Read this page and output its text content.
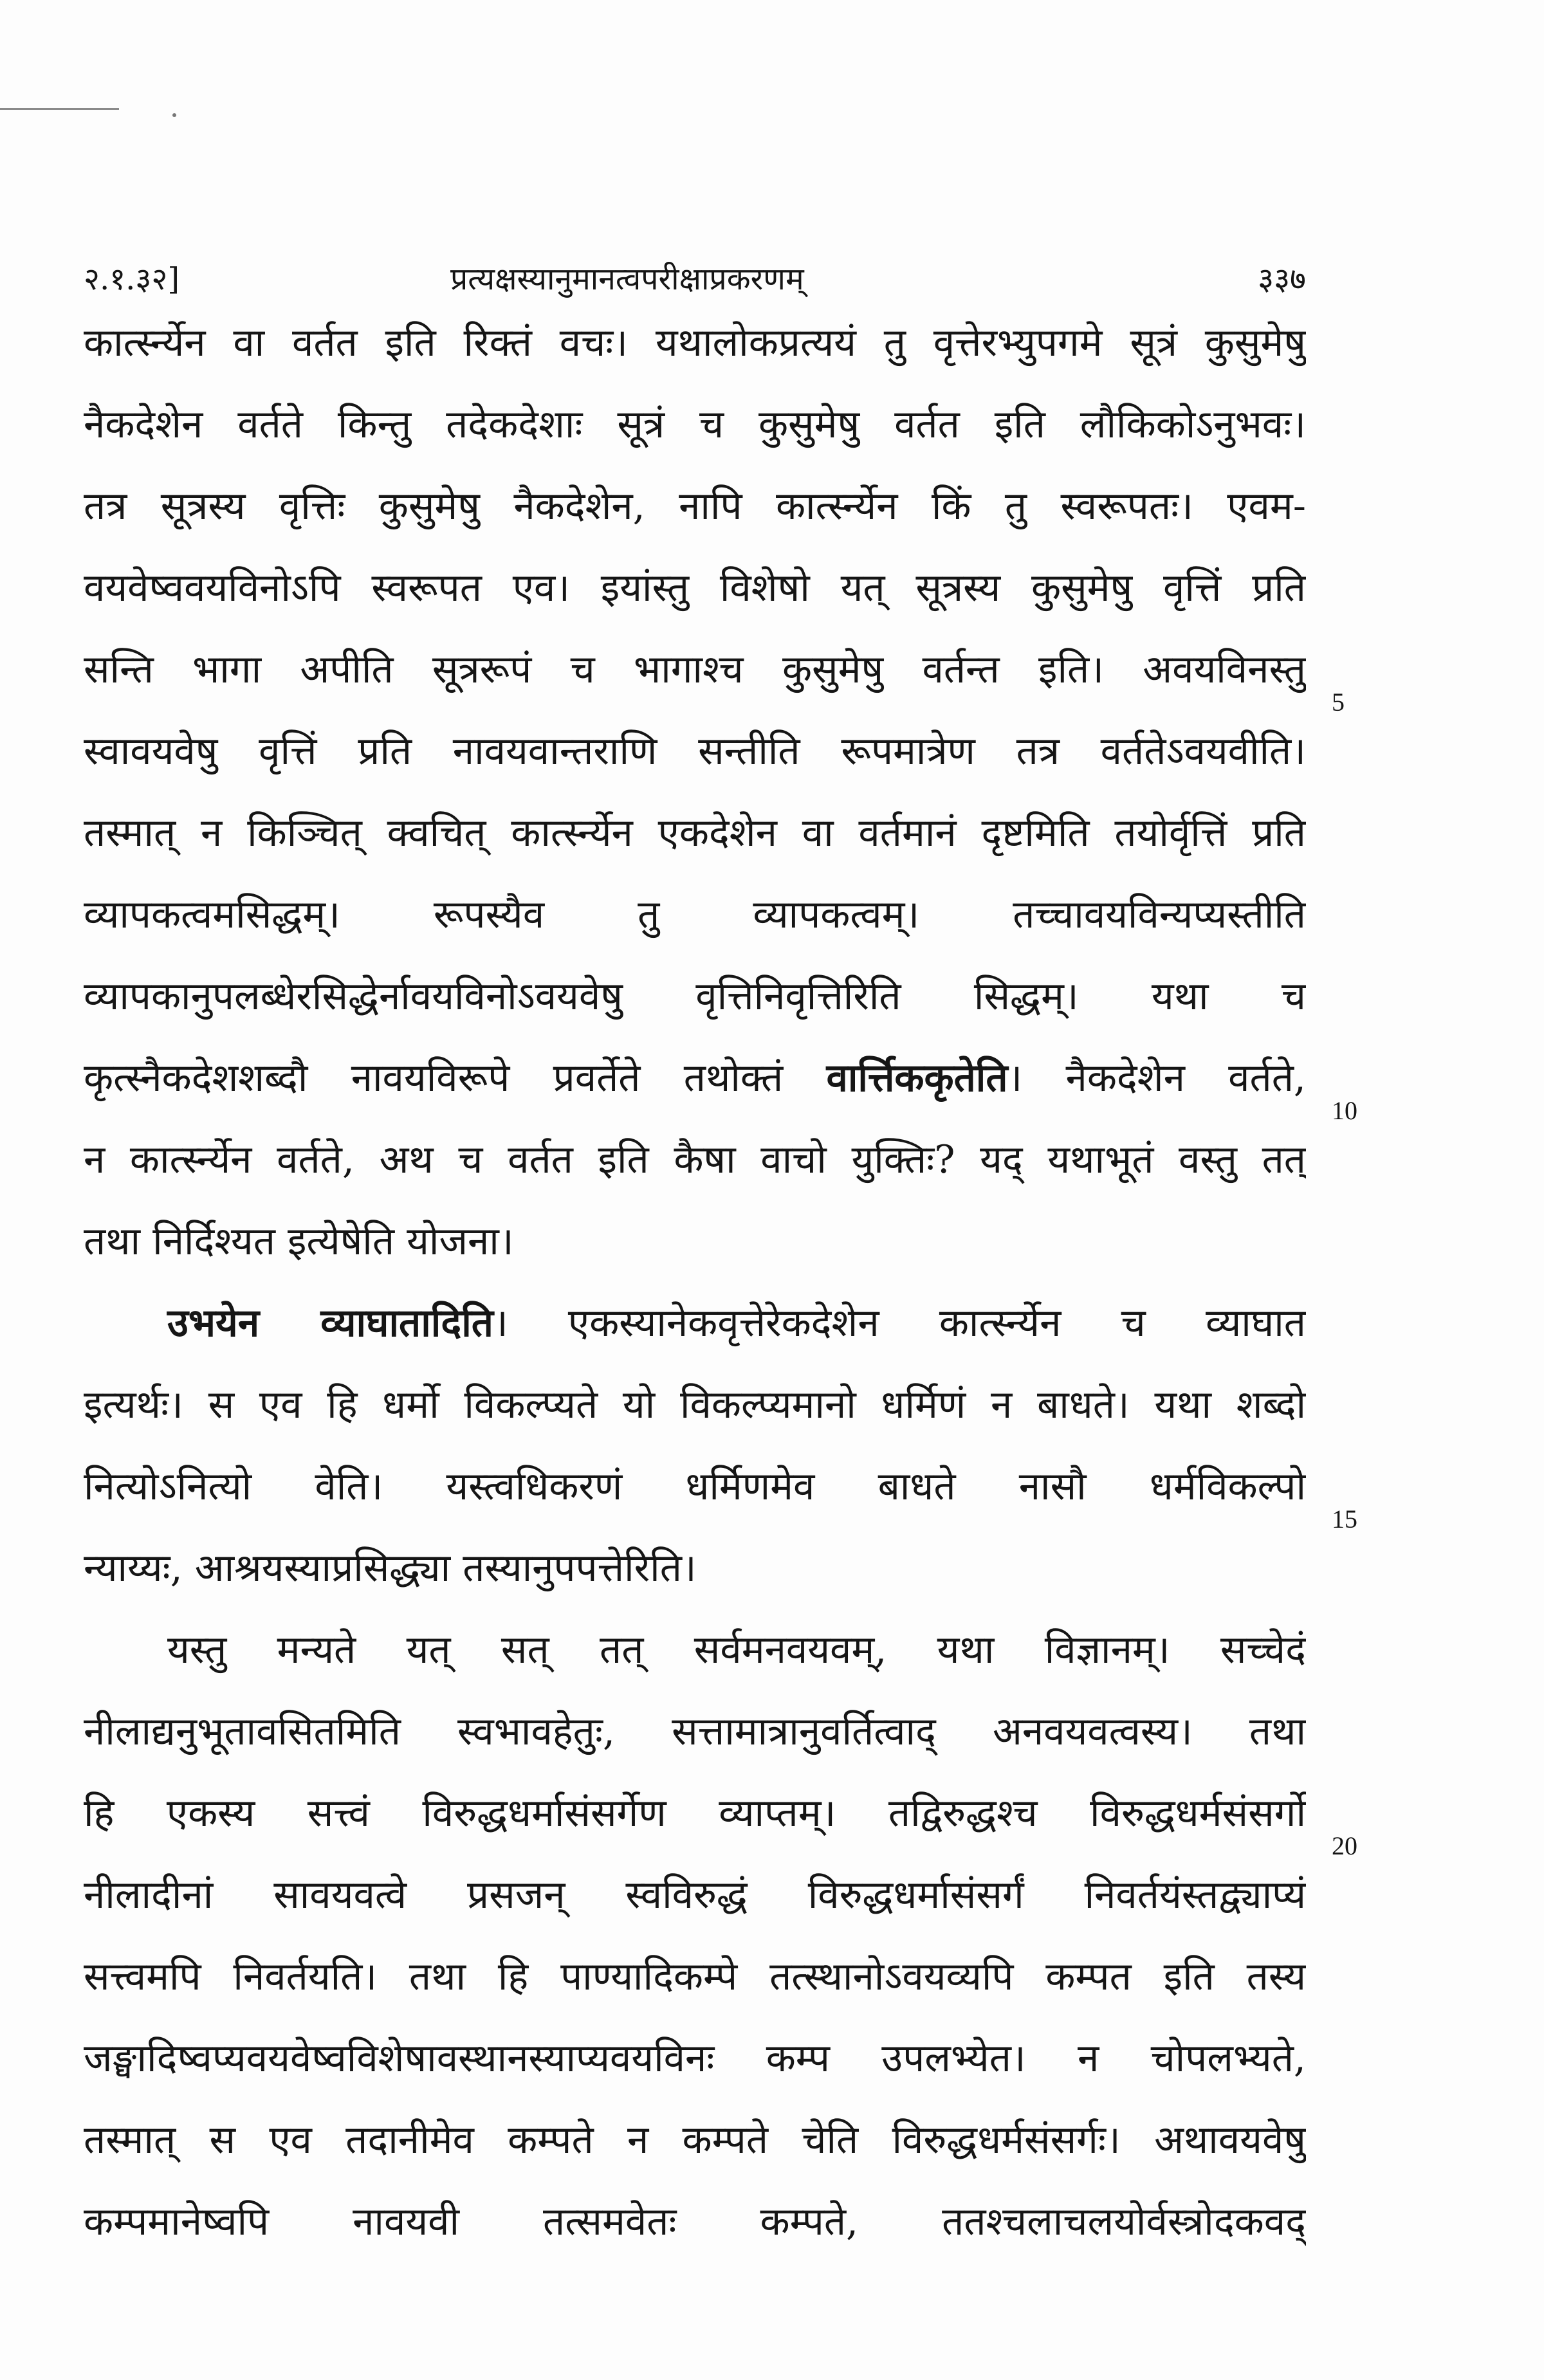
२.१.३२]	प्रत्यक्षस्यानुमानत्वपरीक्षाप्रकरणम्	३३७
कार्त्स्न्येन वा वर्तत इति रिक्तं वचः। यथालोकप्रत्ययं तु वृत्तेरभ्युपगमे सूत्रं कुसुमेषु
नैकदेशेन वर्तते किन्तु तदेकदेशाः सूत्रं च कुसुमेषु वर्तत इति लौकिकोऽनुभवः।
तत्र सूत्रस्य वृत्तिः कुसुमेषु नैकदेशेन, नापि कार्त्स्न्येन किं तु स्वरूपतः। एवम-
वयवेष्ववयविनोऽपि स्वरूपत एव। इयांस्तु विशेषो यत् सूत्रस्य कुसुमेषु वृत्तिं प्रति
सन्ति भागा अपीति सूत्ररूपं च भागाश्च कुसुमेषु वर्तन्त इति। अवयविनस्तु
स्वावयवेषु वृत्तिं प्रति नावयवान्तराणि सन्तीति रूपमात्रेण तत्र वर्ततेऽवयवीति।
तस्मात् न किञ्चित् क्वचित् कार्त्स्न्येन एकदेशेन वा वर्तमानं दृष्टमिति तयोर्वृत्तिं प्रति
व्यापकत्वमसिद्धम्। रूपस्यैव तु व्यापकत्वम्। तच्चावयविन्यप्यस्तीति
व्यापकानुपलब्धेरसिद्धेर्नावयविनोऽवयवेषु वृत्तिनिवृत्तिरिति सिद्धम्। यथा च
कृत्स्नैकदेशशब्दौ नावयविरूपे प्रवर्तेते तथोक्तं वार्त्तिककृतेति। नैकदेशेन वर्तते,
न कार्त्स्न्येन वर्तते, अथ च वर्तत इति कैषा वाचो युक्तिः? यद् यथाभूतं वस्तु तत्
तथा निर्दिश्यत इत्येषेति योजना।
उभयेन व्याघातादिति। एकस्यानेकवृत्तेरेकदेशेन कार्त्स्न्येन च व्याघात
इत्यर्थः। स एव हि धर्मो विकल्प्यते यो विकल्प्यमानो धर्मिणं न बाधते। यथा शब्दो
नित्योऽनित्यो वेति। यस्त्वधिकरणं धर्मिणमेव बाधते नासौ धर्मविकल्पो
न्याय्यः, आश्रयस्याप्रसिद्ध्या तस्यानुपपत्तेरिति।
यस्तु मन्यते यत् सत् तत् सर्वमनवयवम्, यथा विज्ञानम्। सच्चेदं
नीलाद्यनुभूतावसितमिति स्वभावहेतुः, सत्तामात्रानुवर्तित्वाद् अनवयवत्वस्य। तथा
हि एकस्य सत्त्वं विरुद्धधर्मासंसर्गेण व्याप्तम्। तद्विरुद्धश्च विरुद्धधर्मसंसर्गो
नीलादीनां सावयवत्वे प्रसजन् स्वविरुद्धं विरुद्धधर्मासंसर्गं निवर्तयंस्तद्व्याप्यं
सत्त्वमपि निवर्तयति। तथा हि पाण्यादिकम्पे तत्स्थानोऽवयव्यपि कम्पत इति तस्य
जङ्घादिष्वप्यवयवेष्वविशेषावस्थानस्याप्यवयविनः कम्प उपलभ्येत। न चोपलभ्यते,
तस्मात् स एव तदानीमेव कम्पते न कम्पते चेति विरुद्धधर्मसंसर्गः। अथावयवेषु
कम्पमानेष्वपि नावयवी तत्समवेतः कम्पते, ततश्चलाचलयोर्वस्त्रोदकवद्
5
10
15
20
